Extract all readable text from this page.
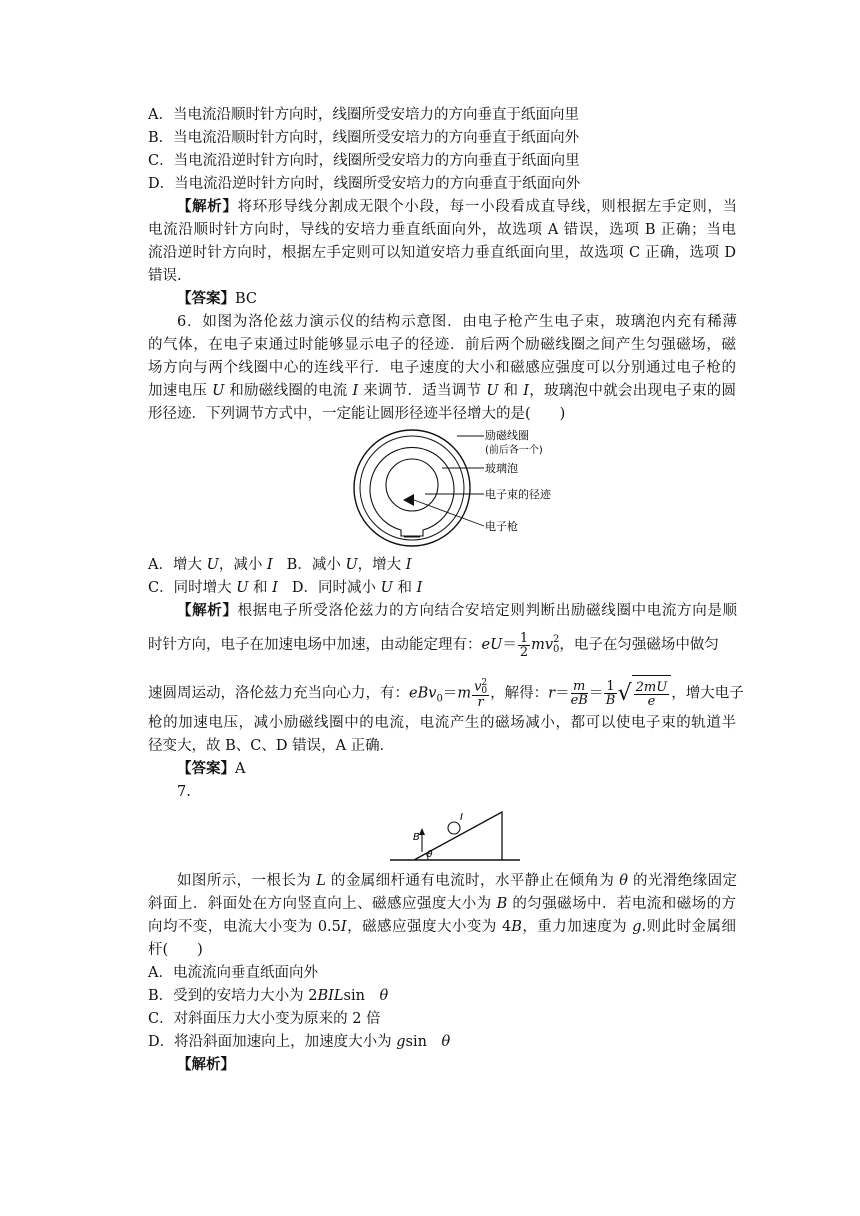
A．当电流沿顺时针方向时，线圈所受安培力的方向垂直于纸面向里
B．当电流沿顺时针方向时，线圈所受安培力的方向垂直于纸面向外
C．当电流沿逆时针方向时，线圈所受安培力的方向垂直于纸面向里
D．当电流沿逆时针方向时，线圈所受安培力的方向垂直于纸面向外
【解析】将环形导线分割成无限个小段，每一小段看成直导线，则根据左手定则，当
电流沿顺时针方向时，导线的安培力垂直纸面向外，故选项 A 错误，选项 B 正确；当电
流沿逆时针方向时，根据左手定则可以知道安培力垂直纸面向里，故选项 C 正确，选项 D
错误.
【答案】BC
6．如图为洛伦兹力演示仪的结构示意图．由电子枪产生电子束，玻璃泡内充有稀薄
的气体，在电子束通过时能够显示电子的径迹．前后两个励磁线圈之间产生匀强磁场，磁
场方向与两个线圈中心的连线平行．电子速度的大小和磁感应强度可以分别通过电子枪的
加速电压 U 和励磁线圈的电流 I 来调节．适当调节 U 和 I，玻璃泡中就会出现电子束的圆
形径迹．下列调节方式中，一定能让圆形径迹半径增大的是(　　)
励磁线圈
(前后各一个)
玻璃泡
电子束的径迹
电子枪
A．增大 U，减小 I B．减小 U，增大 I
C．同时增大 U 和 I D．同时减小 U 和 I
【解析】根据电子所受洛伦兹力的方向结合安培定则判断出励磁线圈中电流方向是顺
时针方向，电子在加速电场中加速，由动能定理有：$eU= \frac{1}{2}$ mv 2
0 ，电子在匀强磁场中做匀
速圆周运动，洛伦兹力充当向心力，有：eBv$_0$＝m v 2
0
r ，解得：$r= \frac{m}{eB} = \frac{1}{B}$ √ $\frac{2mU}{e}$ ，增大电子
枪的加速电压，减小励磁线圈中的电流，电流产生的磁场减小，都可以使电子束的轨道半
径变大，故 B、C、D 错误，A 正确．
【答案】A
7.
B
I
θ
如图所示，一根长为 L 的金属细杆通有电流时，水平静止在倾角为 θ 的光滑绝缘固定
斜面上．斜面处在方向竖直向上、磁感应强度大小为 B 的匀强磁场中．若电流和磁场的方
向均不变，电流大小变为 0.5I，磁感应强度大小变为 4B，重力加速度为 g.则此时金属细
杆(　　)
A．电流流向垂直纸面向外
B．受到的安培力大小为 2BILsin　θ
C．对斜面压力大小变为原来的 2 倍
D．将沿斜面加速向上，加速度大小为 gsin　θ
【解析】
